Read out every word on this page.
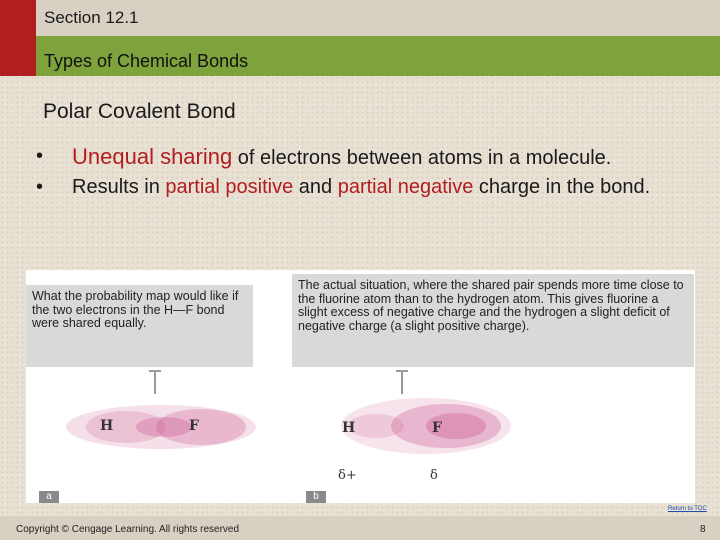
Section 12.1
Types of Chemical Bonds
Polar Covalent Bond
•	Unequal sharing of electrons between atoms in a molecule.
•	Results in partial positive and partial negative charge in the bond.
What the probability map would like if the two electrons in the H—F bond were shared equally.
The actual situation, where the shared pair spends more time close to the fluorine atom than to the hydrogen atom. This gives fluorine a slight excess of negative charge and the hydrogen a slight deficit of negative charge (a slight positive charge).
H	F	H	F
δ+	δ
a	b
Return to TOC
Copyright © Cengage Learning. All rights reserved	8
